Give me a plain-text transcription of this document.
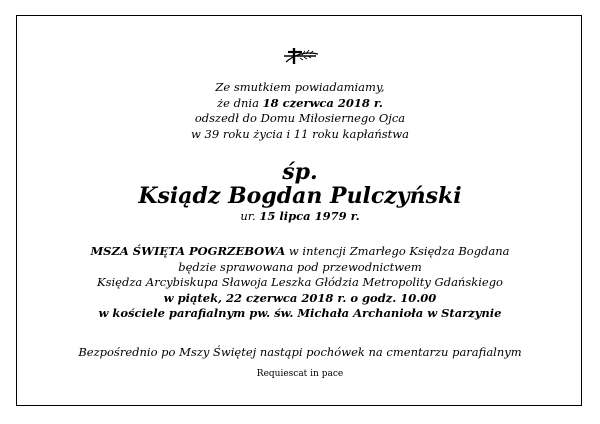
Ze smutkiem powiadamiamy,
że dnia 18 czerwca 2018 r.
odszedł do Domu Miłosiernego Ojca
w 39 roku życia i 11 roku kapłaństwa
śp.
Ksiądz Bogdan Pulczyński
ur. 15 lipca 1979 r.
MSZA ŚWIĘTA POGRZEBOWA w intencji Zmarłego Księdza Bogdana
będzie sprawowana pod przewodnictwem
Księdza Arcybiskupa Sławoja Leszka Głódzia Metropolity Gdańskiego
w piątek, 22 czerwca 2018 r. o godz. 10.00
w kościele parafialnym pw. św. Michała Archanioła w Starzynie
Bezpośrednio po Mszy Świętej nastąpi pochówek na cmentarzu parafialnym
Requiescat in pace
